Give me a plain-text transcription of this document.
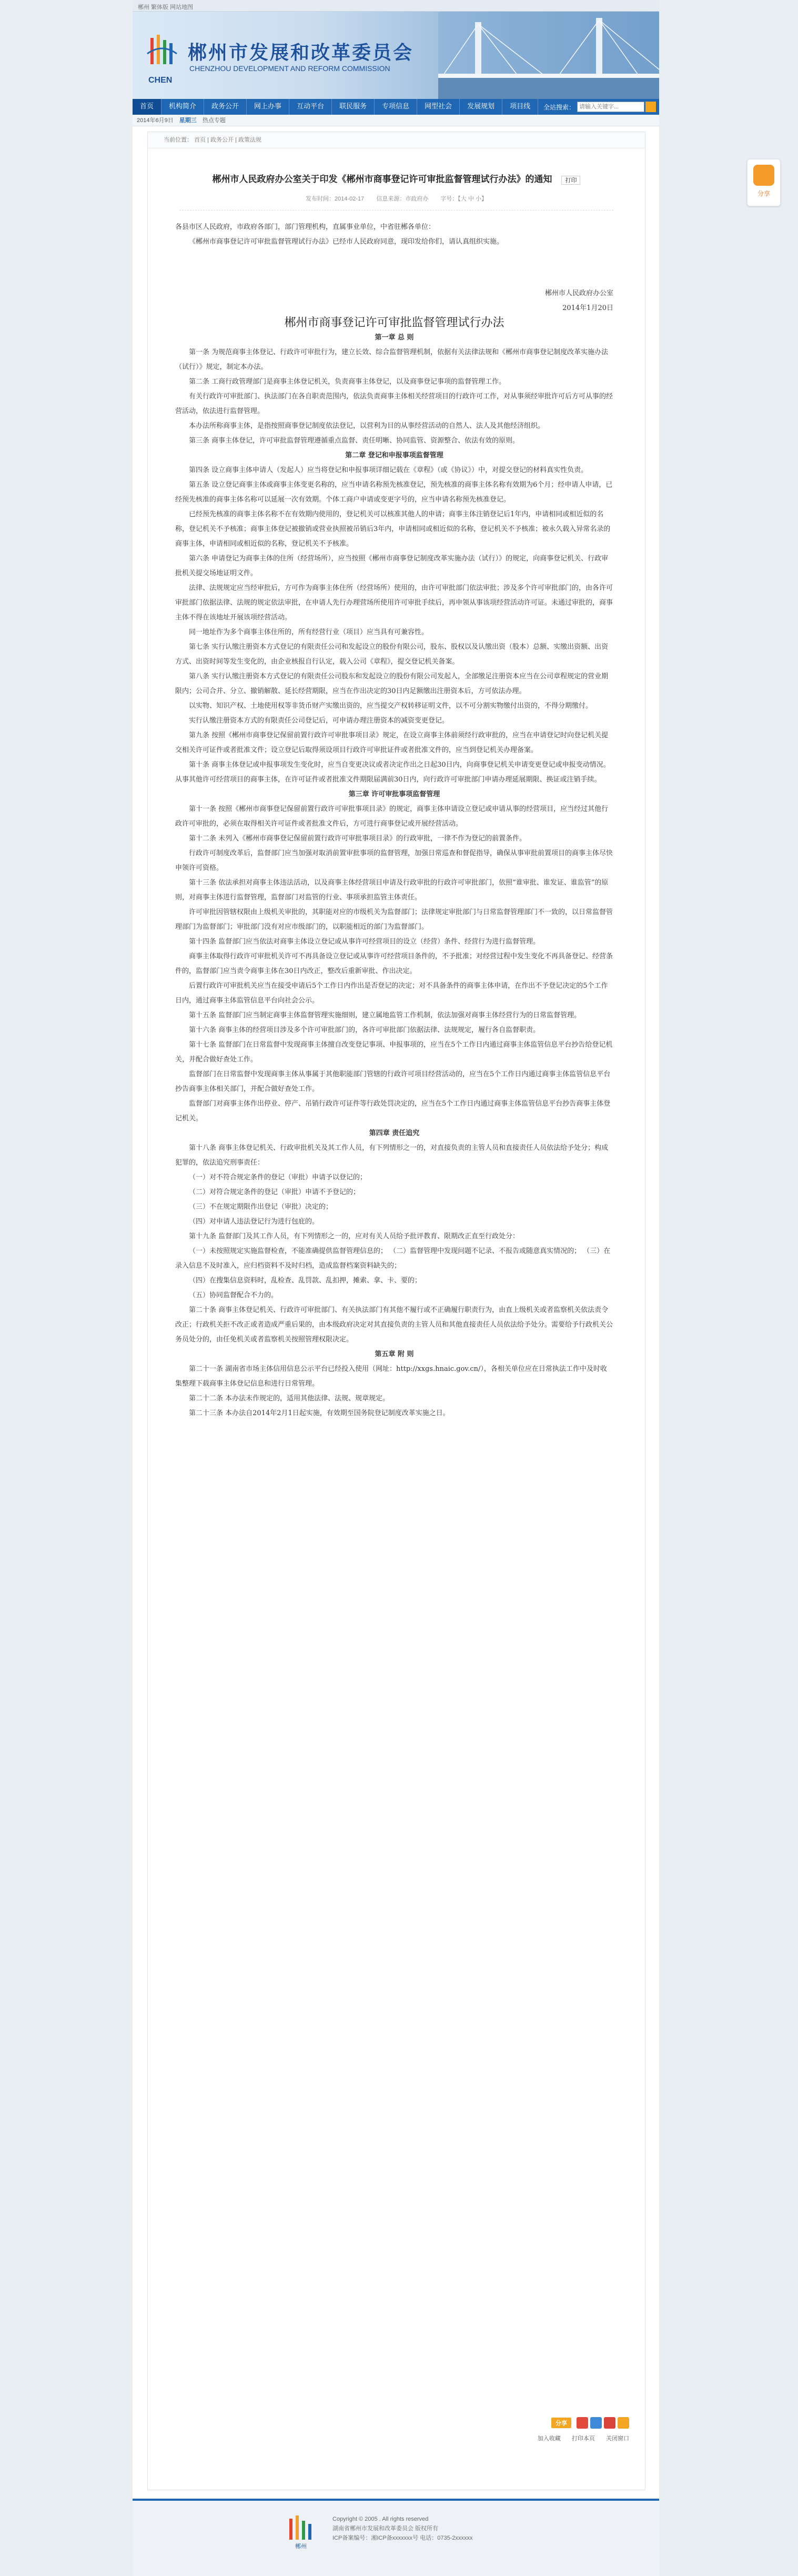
郴州 繁体版 网站地图
CHEN
郴州市发展和改革委员会
CHENZHOU DEVELOPMENT AND REFORM COMMISSION
首页	机构简介	政务公开	网上办事	互动平台	联民服务	专项信息	网型社会	发展规划	项目线	全站搜索：
请输入关键字...
2014年6月9日 星期三 热点专题
当前位置： 首页 | 政务公开 | 政策法规
郴州市人民政府办公室关于印发《郴州市商事登记许可审批监督管理试行办法》的通知 打印
发布时间：2014-02-17 信息来源：市政府办 字号：【大 中 小】

各县市区人民政府，市政府各部门，部门管理机构，直属事业单位，中省驻郴各单位：

《郴州市商事登记许可审批监督管理试行办法》已经市人民政府同意，现印发给你们，请认真组织实施。

郴州市人民政府办公室

2014年1月20日

郴州市商事登记许可审批监督管理试行办法

第一章 总 则

第一条 为规范商事主体登记、行政许可审批行为，建立长效、综合监督管理机制，依据有关法律法规和《郴州市商事登记制度改革实施办法（试行）》规定，制定本办法。

第二条 工商行政管理部门是商事主体登记机关，负责商事主体登记，以及商事登记事项的监督管理工作。

有关行政许可审批部门、执法部门在各自职责范围内，依法负责商事主体相关经营项目的行政许可工作，对从事须经审批许可后方可从事的经营活动，依法进行监督管理。

本办法所称商事主体，是指按照商事登记制度依法登记，以营利为目的从事经营活动的自然人、法人及其他经济组织。

第三条 商事主体登记，许可审批监督管理遵循重点监督、责任明晰、协同监管、资源整合、依法有效的原则。

第二章 登记和申报事项监督管理

第四条 设立商事主体申请人（发起人）应当将登记和申报事项详细记载在《章程》（或《协议》）中，对提交登记的材料真实性负责。

第五条 设立登记商事主体或商事主体变更名称的，应当申请名称预先核准登记，预先核准的商事主体名称有效期为6个月；经申请人申请，已经预先核准的商事主体名称可以延展一次有效期。个体工商户申请或变更字号的，应当申请名称预先核准登记。

已经预先核准的商事主体名称不在有效期内使用的，登记机关可以核准其他人的申请；商事主体注销登记后1年内，申请相同或相近似的名称，登记机关不予核准；商事主体登记被撤销或营业执照被吊销后3年内，申请相同或相近似的名称，登记机关不予核准；被永久载入异常名录的商事主体，申请相同或相近似的名称，登记机关不予核准。

第六条 申请登记为商事主体的住所（经营场所），应当按照《郴州市商事登记制度改革实施办法（试行）》的规定，向商事登记机关、行政审批机关提交场地证明文件。

法律、法规规定应当经审批后，方可作为商事主体住所（经营场所）使用的，由许可审批部门依法审批；涉及多个许可审批部门的，由各许可审批部门依据法律、法规的规定依法审批，在申请人先行办理营场所使用许可审批手续后，再申领从事该项经营活动许可证。未通过审批的，商事主体不得在该地址开展该项经营活动。

同一地址作为多个商事主体住所的，所有经营行业（项目）应当具有可兼容性。

第七条 实行认缴注册资本方式登记的有限责任公司和发起设立的股份有限公司，股东、股权以及认缴出资（股本）总额、实缴出资额、出资方式、出资时间等发生变化的，由企业核报自行认定，载入公司《章程》，提交登记机关备案。

第八条 实行认缴注册资本方式登记的有限责任公司股东和发起设立的股份有限公司发起人，全部缴足注册资本应当在公司章程规定的营业期限内；公司合并、分立、撤销解散、延长经营期限，应当在作出决定的30日内足额缴出注册资本后，方可依法办理。

以实物、知识产权、土地使用权等非货币财产实缴出资的，应当提交产权转移证明文件，以不可分割实物缴付出资的，不得分期缴付。

实行认缴注册资本方式的有限责任公司登记后，可申请办理注册资本的减资变更登记。

第九条 按照《郴州市商事登记保留前置行政许可审批事项目录》规定，在设立商事主体前须经行政审批的，应当在申请登记时向登记机关提交相关许可证件或者批准文件；设立登记后取得须设项目行政许可审批证件或者批准文件的，应当到登记机关办理备案。

第十条 商事主体登记或申报事项发生变化时，应当自变更决议或者决定作出之日起30日内，向商事登记机关申请变更登记或申报变动情况。从事其他许可经营项目的商事主体，在许可证件或者批准文件期限届满前30日内，向行政许可审批部门申请办理延展期限、换证或注销手续。

第三章 许可审批事项监督管理

第十一条 按照《郴州市商事登记保留前置行政许可审批事项目录》的规定，商事主体申请设立登记或申请从事的经营项目，应当经过其他行政许可审批的，必须在取得相关许可证件或者批准文件后，方可进行商事登记或开展经营活动。

第十二条 未列入《郴州市商事登记保留前置行政许可审批事项目录》的行政审批，一律不作为登记的前置条件。

行政许可制度改革后，监督部门应当加强对取消前置审批事项的监督管理，加强日常巡查和督促指导，确保从事审批前置项目的商事主体尽快申领许可资格。

第十三条 依法承担对商事主体违法活动，以及商事主体经营项目申请及行政审批的行政许可审批部门，依照“谁审批、谁发证、谁监管”的原则，对商事主体进行监督管理，监督部门对监管的行业、事项承担监管主体责任。

许可审批因管辖权限由上级机关审批的，其职能对应的市级机关为监督部门；法律规定审批部门与日常监督管理部门不一致的，以日常监督管理部门为监督部门；审批部门没有对应市级部门的，以职能相近的部门为监督部门。

第十四条 监督部门应当依法对商事主体设立登记或从事许可经营项目的设立（经营）条件、经营行为进行监督管理。

商事主体取得行政许可审批机关许可不再具备设立登记或从事许可经营项目条件的，不予批准；对经营过程中发生变化不再具备登记、经营条件的，监督部门应当责令商事主体在30日内改正，整改后重新审批、作出决定。

后置行政许可审批机关应当在接受申请后5个工作日内作出是否登记的决定；对不具备条件的商事主体申请，在作出不予登记决定的5个工作日内，通过商事主体监管信息平台向社会公示。

第十五条 监督部门应当制定商事主体监督管理实施细则，建立属地监管工作机制，依法加强对商事主体经营行为的日常监督管理。

第十六条 商事主体的经营项目涉及多个许可审批部门的，各许可审批部门依据法律、法规规定，履行各自监督职责。

第十七条 监督部门在日常监督中发现商事主体擅自改变登记事项、申报事项的，应当在5个工作日内通过商事主体监管信息平台抄告给登记机关，并配合做好查处工作。

监督部门在日常监督中发现商事主体从事属于其他职能部门管辖的行政许可项目经营活动的，应当在5个工作日内通过商事主体监管信息平台抄告商事主体相关部门，并配合做好查处工作。

监督部门对商事主体作出停业、停产、吊销行政许可证件等行政处罚决定的，应当在5个工作日内通过商事主体监管信息平台抄告商事主体登记机关。

第四章 责任追究

第十八条 商事主体登记机关、行政审批机关及其工作人员，有下列情形之一的，对直接负责的主管人员和直接责任人员依法给予处分；构成犯罪的，依法追究刑事责任：

（一）对不符合规定条件的登记（审批）申请予以登记的；

（二）对符合规定条件的登记（审批）申请不予登记的；

（三）不在规定期限作出登记（审批）决定的；

（四）对申请人违法登记行为进行包庇的。

第十九条 监督部门及其工作人员，有下列情形之一的，应对有关人员给予批评教育、限期改正直至行政处分：

（一）未按照规定实施监督检查，不能准确提供监督管理信息的； （二）监督管理中发现问题不记录、不报告或随意真实情况的； （三）在录入信息不及时准入，应归档资料不及时归档，造成监督档案资料缺失的；

（四）在搜集信息资料时，乱检查、乱罚款、乱扣押，摊索、拿、卡、要的；

（五）协同监督配合不力的。

第二十条 商事主体登记机关、行政许可审批部门、有关执法部门有其他不履行或不正确履行职责行为，由直上级机关或者监察机关依法责令改正；行政机关拒不改正或者造成严重后果的，由本级政府决定对其直接负责的主管人员和其他直接责任人员依法给予处分。需要给予行政机关公务员处分的，由任免机关或者监察机关按照管理权限决定。

第五章 附 则

第二十一条 湖南省市场主体信用信息公示平台已经投入使用（网址：http://xxgs.hnaic.gov.cn/），各相关单位应在日常执法工作中及时收集整理下载商事主体登记信息和进行日常管理。

第二十二条 本办法未作规定的，适用其他法律、法规、规章规定。

第二十三条 本办法自2014年2月1日起实施，有效期至国务院登记制度改革实施之日。

分享
加入收藏 打印本页 关闭窗口
郴州
Copyright © 2005 . All rights reserved
湖南省郴州市发展和改革委员会 版权所有
ICP备案编号：湘ICP备xxxxxxx号 电话：0735-2xxxxxx
分享
